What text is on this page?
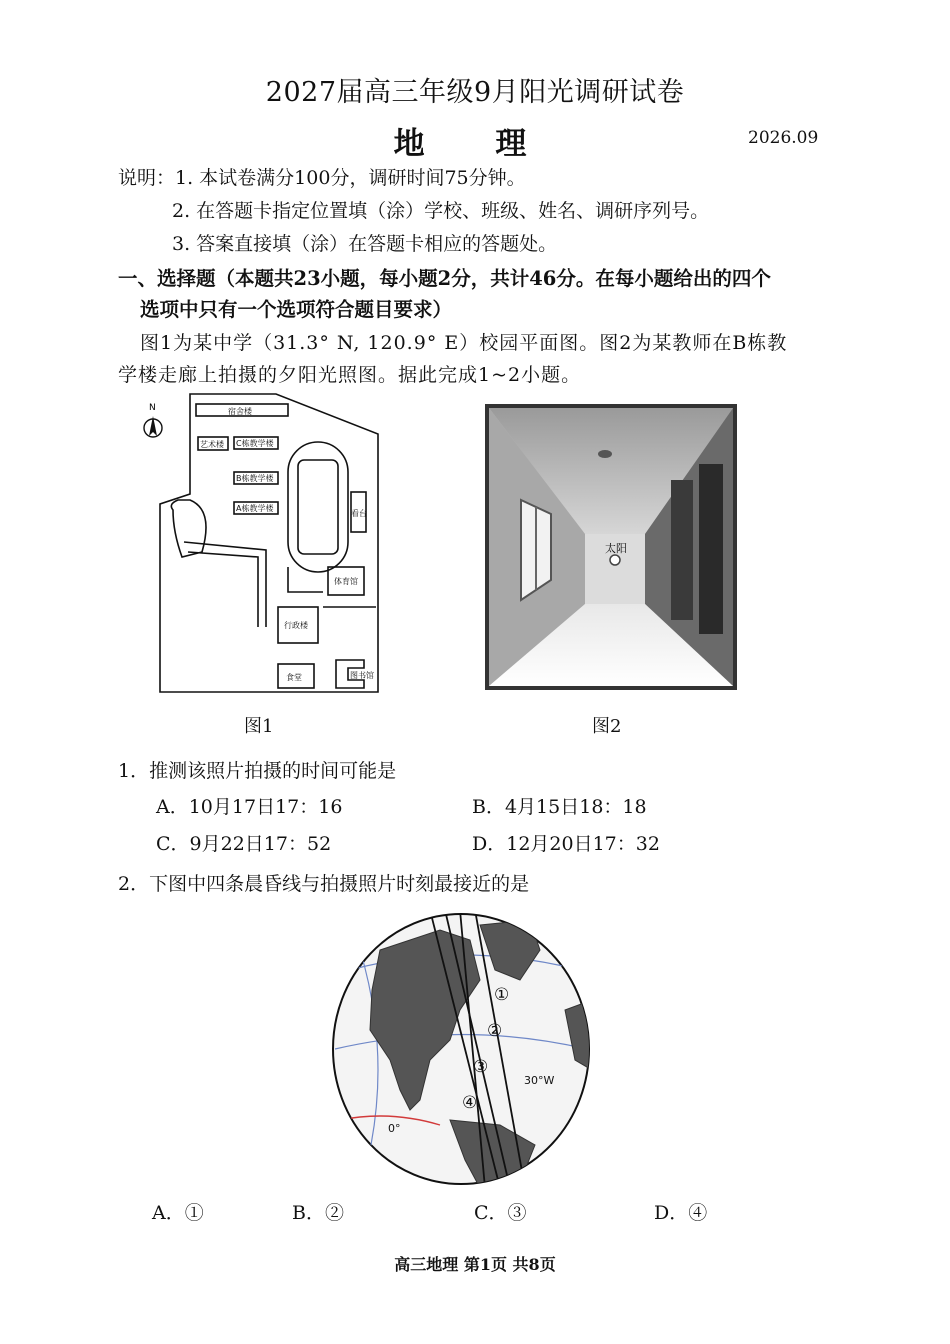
2027届高三年级9月阳光调研试卷
地 理	2026.09
说明：1. 本试卷满分100分，调研时间75分钟。
2. 在答题卡指定位置填（涂）学校、班级、姓名、调研序列号。
3. 答案直接填（涂）在答题卡相应的答题处。
一、选择题（本题共23小题，每小题2分，共计46分。在每小题给出的四个
选项中只有一个选项符合题目要求）
图1为某中学（31.3° N, 120.9° E）校园平面图。图2为某教师在B栋教
学楼走廊上拍摄的夕阳光照图。据此完成1~2小题。
N	宿舍楼
艺术楼 C栋教学楼
B栋教学楼
A栋教学楼
看台
体育馆
行政楼
食堂	图书馆
图1
太阳
图2
1．推测该照片拍摄的时间可能是
A．10月17日17：16	B．4月15日18：18
C．9月22日17：52	D．12月20日17：32
2．下图中四条晨昏线与拍摄照片时刻最接近的是
①
②
③
④
30°W
0°
A．①	B．②	C．③	D．④
高三地理 第1页 共8页
